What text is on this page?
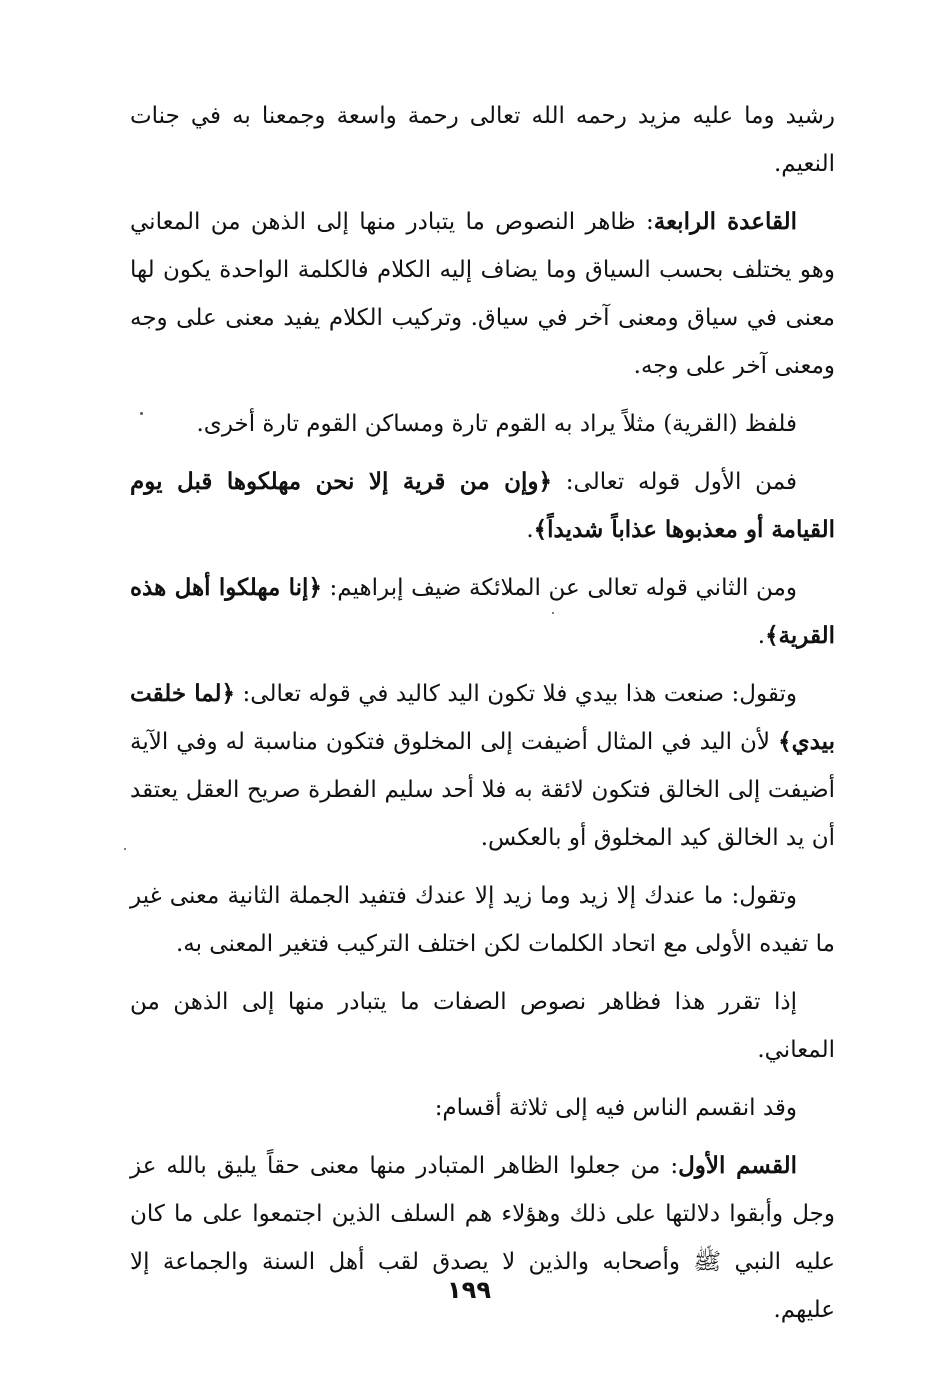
رشيد وما عليه مزيد رحمه الله تعالى رحمة واسعة وجمعنا به في جنات النعيم.

القاعدة الرابعة: ظاهر النصوص ما يتبادر منها إلى الذهن من المعاني وهو يختلف بحسب السياق وما يضاف إليه الكلام فالكلمة الواحدة يكون لها معنى في سياق ومعنى آخر في سياق. وتركيب الكلام يفيد معنى على وجه ومعنى آخر على وجه.

فلفظ (القرية) مثلاً يراد به القوم تارة ومساكن القوم تارة أخرى.

فمن الأول قوله تعالى: ﴿وإن من قرية إلا نحن مهلكوها قبل يوم القيامة أو معذبوها عذاباً شديداً﴾.

ومن الثاني قوله تعالى عن الملائكة ضيف إبراهيم: ﴿إنا مهلكوا أهل هذه القرية﴾.

وتقول: صنعت هذا بيدي فلا تكون اليد كاليد في قوله تعالى: ﴿لما خلقت بيدي﴾ لأن اليد في المثال أضيفت إلى المخلوق فتكون مناسبة له وفي الآية أضيفت إلى الخالق فتكون لائقة به فلا أحد سليم الفطرة صريح العقل يعتقد أن يد الخالق كيد المخلوق أو بالعكس.

وتقول: ما عندك إلا زيد وما زيد إلا عندك فتفيد الجملة الثانية معنى غير ما تفيده الأولى مع اتحاد الكلمات لكن اختلف التركيب فتغير المعنى به.

إذا تقرر هذا فظاهر نصوص الصفات ما يتبادر منها إلى الذهن من المعاني.

وقد انقسم الناس فيه إلى ثلاثة أقسام:

القسم الأول: من جعلوا الظاهر المتبادر منها معنى حقاً يليق بالله عز وجل وأبقوا دلالتها على ذلك وهؤلاء هم السلف الذين اجتمعوا على ما كان عليه النبي ﷺ وأصحابه والذين لا يصدق لقب أهل السنة والجماعة إلا عليهم.

١٩٩
